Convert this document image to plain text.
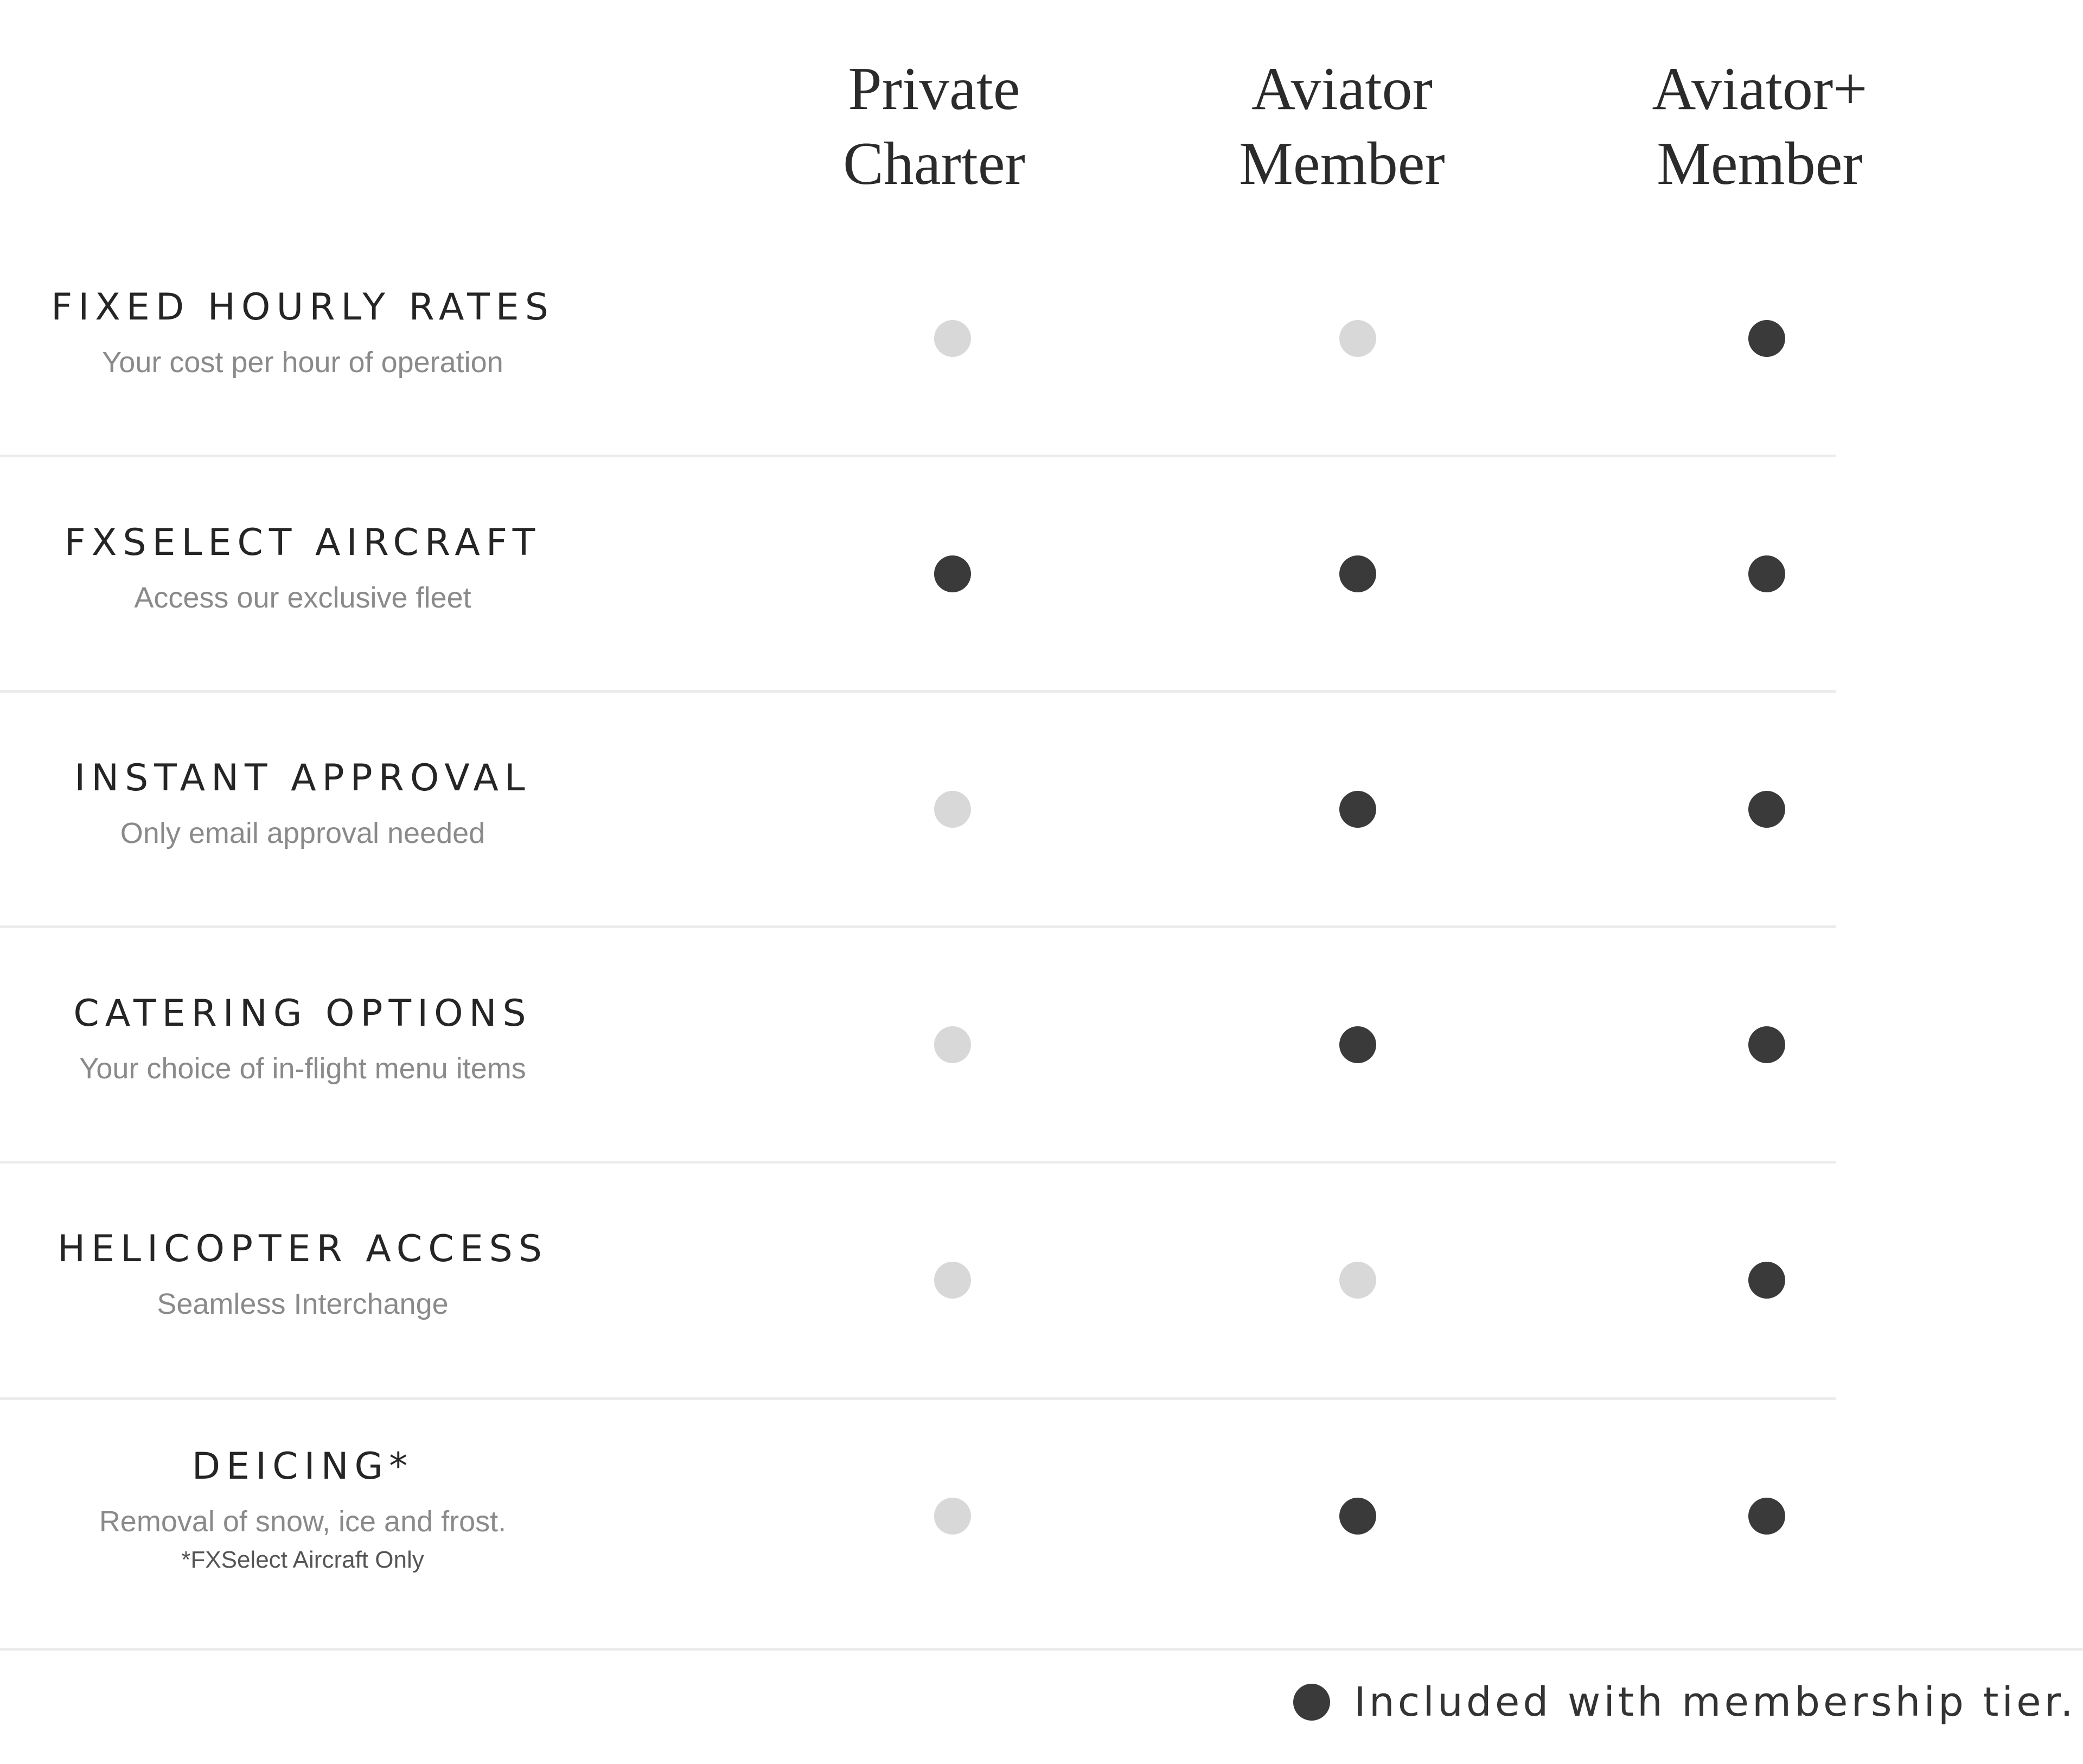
Private
Charter
Aviator
Member
Aviator+
Member
FIXED HOURLY RATES
Your cost per hour of operation
FXSELECT AIRCRAFT
Access our exclusive fleet
INSTANT APPROVAL
Only email approval needed
CATERING OPTIONS
Your choice of in-flight menu items
HELICOPTER ACCESS
Seamless Interchange
DEICING*
Removal of snow, ice and frost.
*FXSelect Aircraft Only
Included with membership tier.
